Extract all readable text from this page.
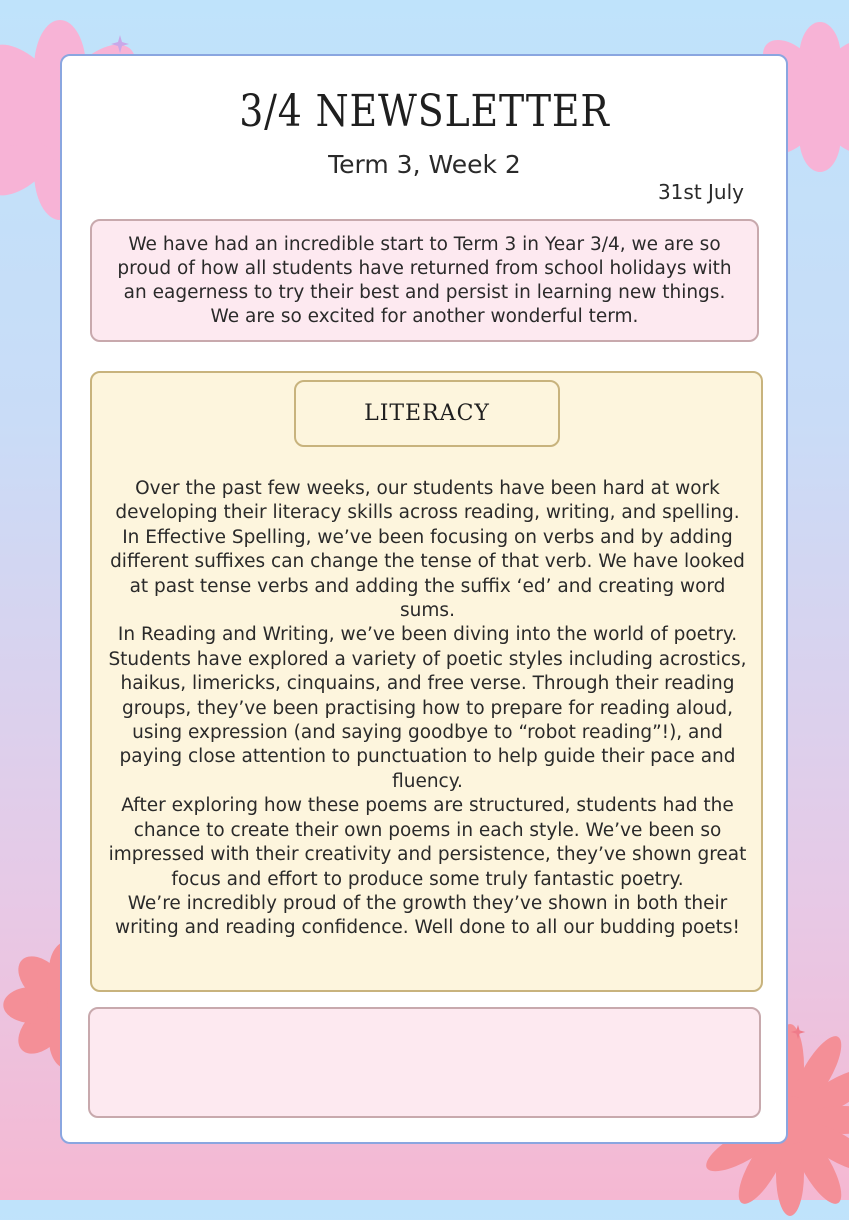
3/4 NEWSLETTER
Term 3, Week 2
31st July
We have had an incredible start to Term 3 in Year 3/4, we are so proud of how all students have returned from school holidays with an eagerness to try their best and persist in learning new things. We are so excited for another wonderful term.
LITERACY

Over the past few weeks, our students have been hard at work developing their literacy skills across reading, writing, and spelling.

In Effective Spelling, we’ve been focusing on verbs and by adding different suffixes can change the tense of that verb. We have looked at past tense verbs and adding the suffix ‘ed’ and creating word sums.

In Reading and Writing, we’ve been diving into the world of poetry. Students have explored a variety of poetic styles including acrostics, haikus, limericks, cinquains, and free verse. Through their reading groups, they’ve been practising how to prepare for reading aloud, using expression (and saying goodbye to “robot reading”!), and paying close attention to punctuation to help guide their pace and fluency.

After exploring how these poems are structured, students had the chance to create their own poems in each style. We’ve been so impressed with their creativity and persistence, they’ve shown great focus and effort to produce some truly fantastic poetry.

We’re incredibly proud of the growth they’ve shown in both their writing and reading confidence. Well done to all our budding poets!
